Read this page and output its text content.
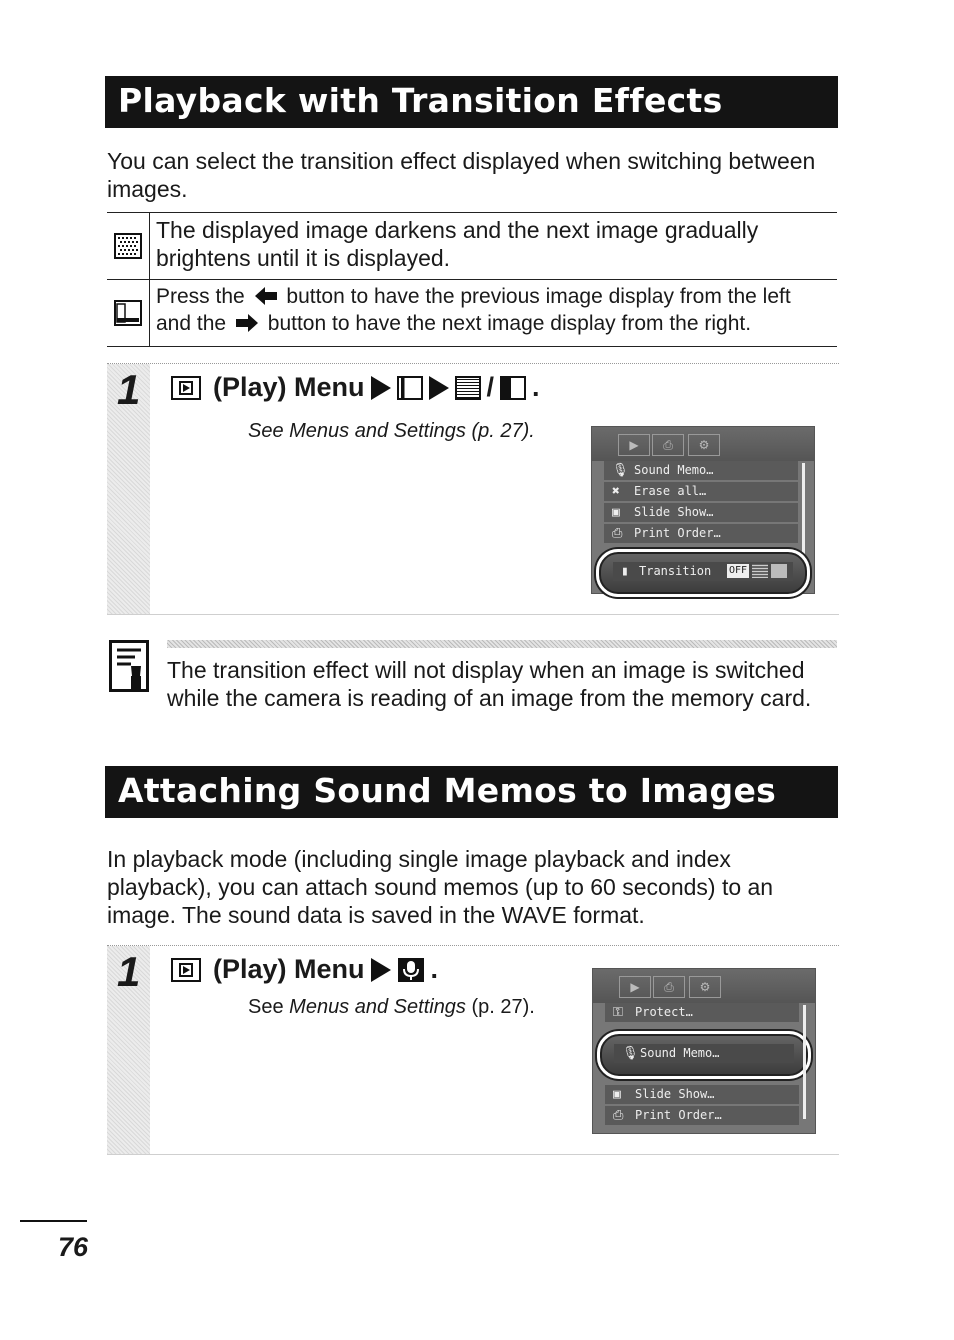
Playback with Transition Effects
You can select the transition effect displayed when switching between images.
The displayed image darkens and the next image gradually brightens until it is displayed.
Press the button to have the previous image display from the left
and the button to have the next image display from the right.
1	(Play) Menu	/ .
See Menus and Settings (p. 27).
▶	⎙	⚙
🎙 Sound Memo…
✖ Erase all…
▣ Slide Show…
⎙ Print Order…
▮ Transition OFF
The transition effect will not display when an image is switched while the camera is reading of an image from the memory card.
Attaching Sound Memos to Images
In playback mode (including single image playback and index playback), you can attach sound memos (up to 60 seconds) to an image. The sound data is saved in the WAVE format.
1	(Play) Menu .
See Menus and Settings (p. 27).
▶	⎙	⚙
⚿ Protect…
🎙 Sound Memo…
▣ Slide Show…
⎙ Print Order…
76
